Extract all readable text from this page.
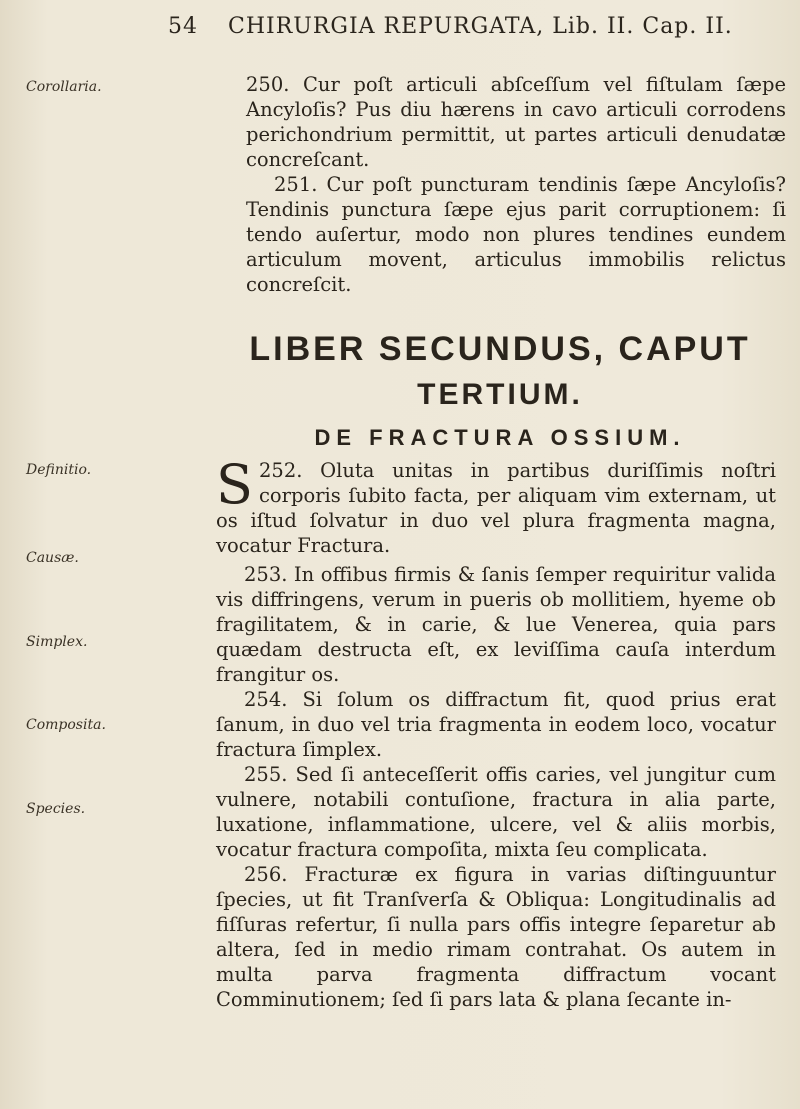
54 CHIRURGIA REPURGATA, Lib. II. Cap. II.
Corollaria.
Definitio.
Causæ.
Simplex.
Composita.
Species.

250. Cur poſt articuli abſceſſum vel fiſtulam ſæpe Ancyloſis? Pus diu hærens in cavo articuli corrodens perichondrium permittit, ut partes articuli denudatæ concreſcant.

251. Cur poſt puncturam tendinis ſæpe Ancyloſis? Tendinis punctura ſæpe ejus parit corruptionem: ſi tendo auſertur, modo non plures tendines eundem articulum movent, articulus immobilis relictus concreſcit.

LIBER SECUNDUS, CAPUT
TERTIUM.
DE FRACTURA OSSIUM.

252.
S	Oluta unitas in partibus duriſſimis noſtri corporis ſubito facta, per aliquam vim externam, ut os iſtud ſolvatur in duo vel plura fragmenta magna, vocatur Fractura.

253. In offibus firmis & ſanis ſemper requiritur valida vis diffringens, verum in pueris ob mollitiem, hyeme ob fragilitatem, & in carie, & lue Venerea, quia pars quædam destructa eſt, ex leviſſima cauſa interdum frangitur os.

254. Si ſolum os diffractum fit, quod prius erat ſanum, in duo vel tria fragmenta in eodem loco, vocatur fractura ſimplex.

255. Sed ſi anteceſſerit offis caries, vel jungitur cum vulnere, notabili contuſione, fractura in alia parte, luxatione, inflammatione, ulcere, vel & aliis morbis, vocatur fractura compoſita, mixta ſeu complicata.

256. Fracturæ ex figura in varias diſtinguuntur ſpecies, ut fit Tranſverſa & Obliqua: Longitudinalis ad fiſſuras refertur, ſi nulla pars offis integre ſeparetur ab altera, ſed in medio rimam contrahat. Os autem in multa parva fragmenta diffractum vocant Comminutionem; ſed ſi pars lata & plana ſecante in-
